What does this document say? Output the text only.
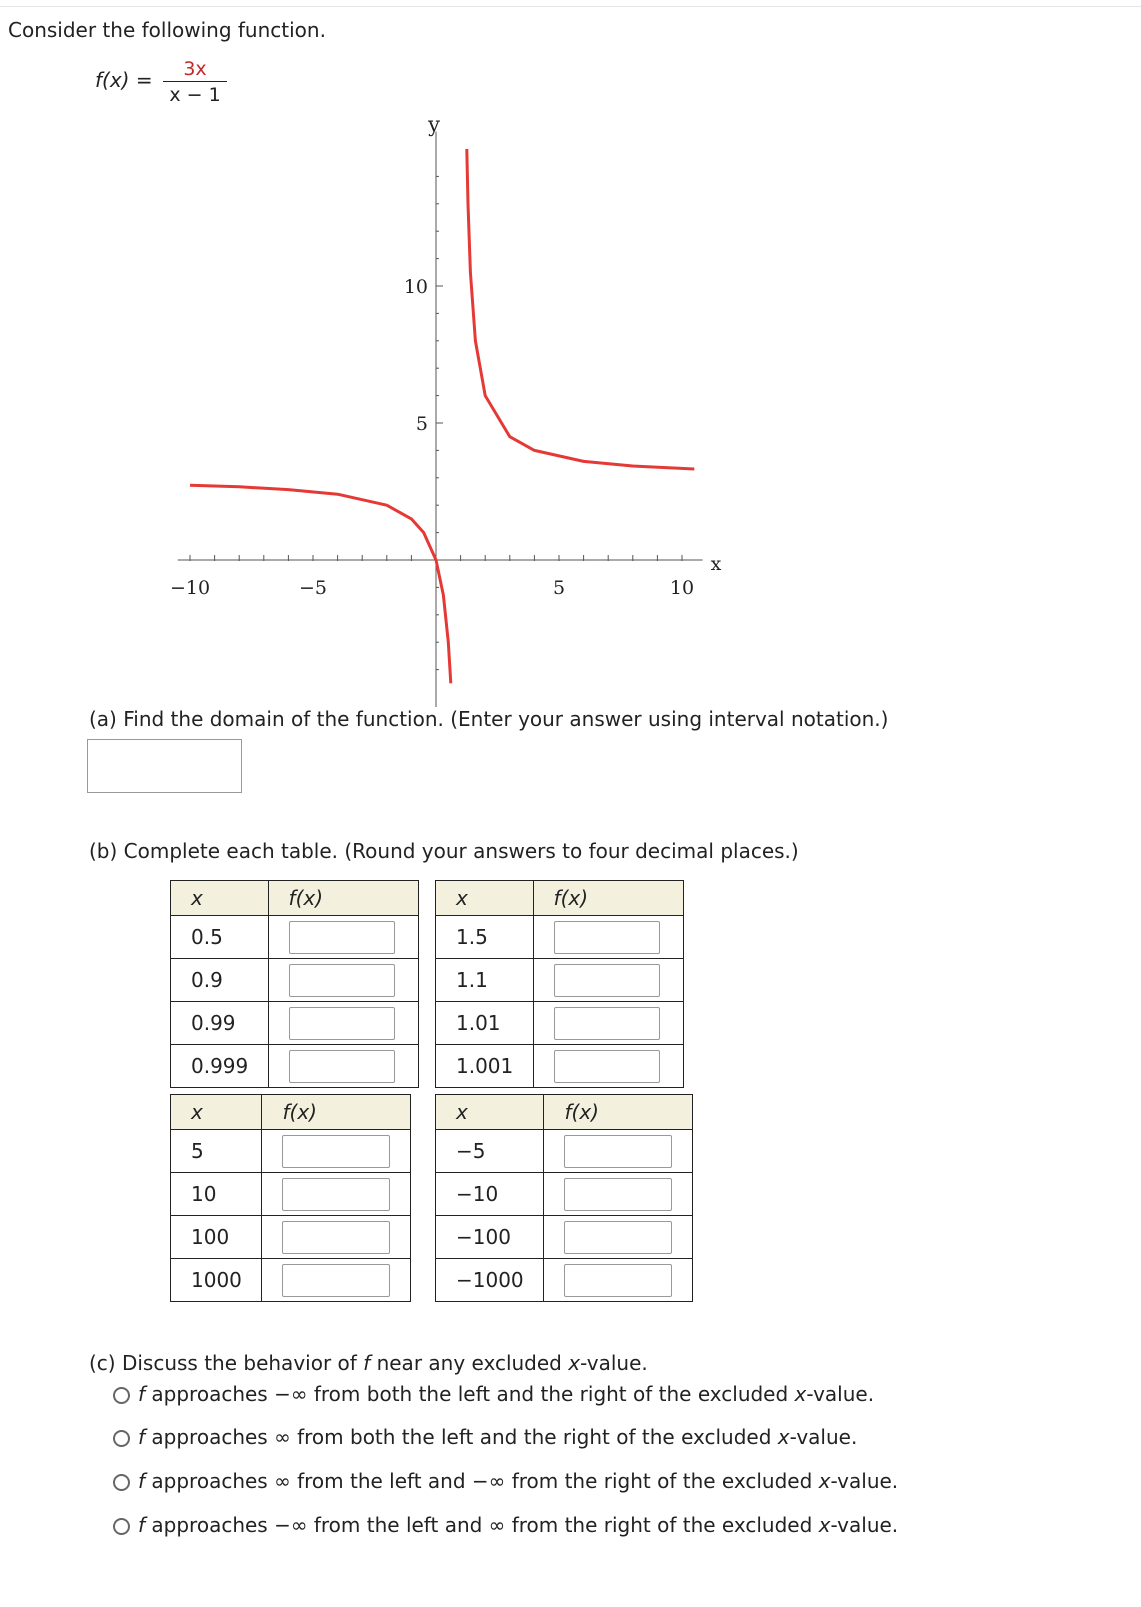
Consider the following function.
f(x) =	3x
x − 1
−10	−5	5	10
5
10
x
y
(a) Find the domain of the function. (Enter your answer using interval notation.)
(b) Complete each table. (Round your answers to four decimal places.)
x	f(x)
0.5	

0.9	

0.99	

0.999	
x	f(x)
1.5	

1.1	

1.01	

1.001	
x	f(x)
5	

10	

100	

1000	
x	f(x)
−5	

−10	

−100	

−1000	
(c) Discuss the behavior of f near any excluded x-value.
f approaches −∞ from both the left and the right of the excluded x-value.
f approaches ∞ from both the left and the right of the excluded x-value.
f approaches ∞ from the left and −∞ from the right of the excluded x-value.
f approaches −∞ from the left and ∞ from the right of the excluded x-value.
